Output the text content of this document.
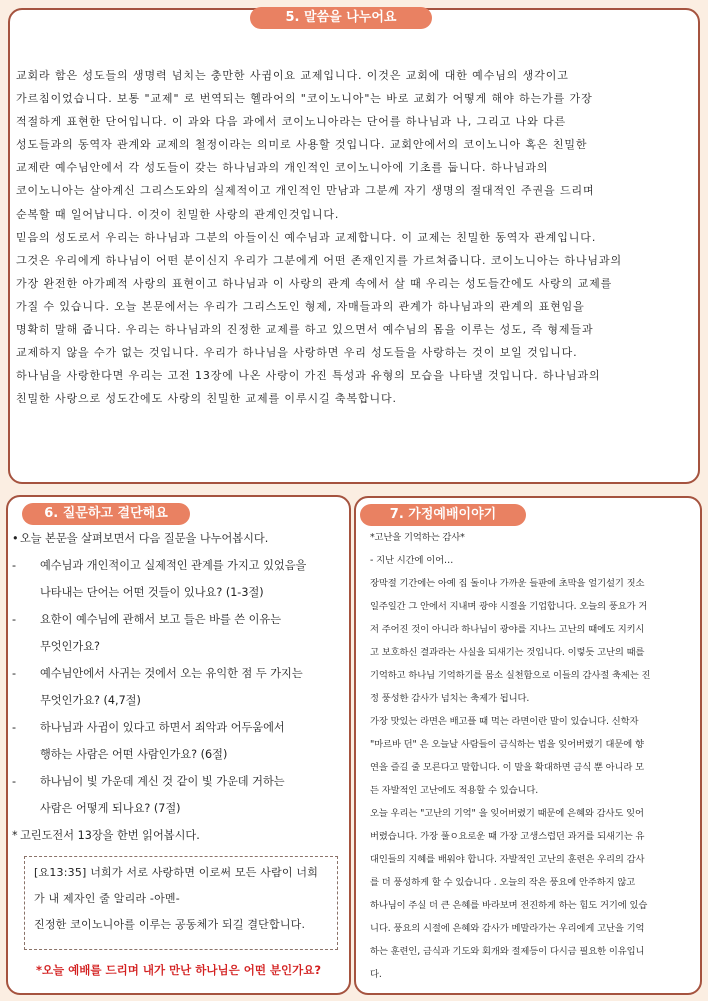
5. 말씀을 나누어요
교회라 함은 성도들의 생명력 넘치는 충만한 사귐이요 교제입니다. 이것은 교회에 대한 예수님의 생각이고
가르침이었습니다. 보통 "교제" 로 번역되는 헬라어의 "코이노니아"는 바로 교회가 어떻게 해야 하는가를 가장
적절하게 표현한 단어입니다. 이 과와 다음 과에서 코이노니아라는 단어를 하나님과 나, 그리고 나와 다른
성도들과의 동역자 관계와 교제의 철정이라는 의미로 사용할 것입니다. 교회안에서의 코이노니아 혹은 친밀한
교제란 예수님안에서 각 성도들이 갖는 하나님과의 개인적인 코이노니아에 기초를 둡니다. 하나님과의
코이노니아는 살아계신 그리스도와의 실제적이고 개인적인 만남과 그분께 자기 생명의 절대적인 주권을 드리며
순복할 때 일어납니다. 이것이 친밀한 사랑의 관계인것입니다.
믿음의 성도로서 우리는 하나님과 그분의 아들이신 예수님과 교제합니다. 이 교제는 친밀한 동역자 관계입니다.
그것은 우리에게 하나님이 어떤 분이신지 우리가 그분에게 어떤 존재인지를 가르쳐줍니다. 코이노니아는 하나님과의
가장 완전한 아가페적 사랑의 표현이고 하나님과 이 사랑의 관계 속에서 살 때 우리는 성도들간에도 사랑의 교제를
가질 수 있습니다. 오늘 본문에서는 우리가 그리스도인 형제, 자매들과의 관계가 하나님과의 관계의 표현임을
명확히 말해 줍니다. 우리는 하나님과의 진정한 교제를 하고 있으면서 예수님의 몸을 이루는 성도, 즉 형제들과
교제하지 않을 수가 없는 것입니다. 우리가 하나님을 사랑하면 우리 성도들을 사랑하는 것이 보일 것입니다.
하나님을 사랑한다면 우리는 고전 13장에 나온 사랑이 가진 특성과 유형의 모습을 나타낼 것입니다. 하나님과의
친밀한 사랑으로 성도간에도 사랑의 친밀한 교제를 이루시길 축복합니다.
6. 질문하고 결단해요
• 오늘 본문을 살펴보면서 다음 질문을 나누어봅시다.
-	예수님과 개인적이고 실제적인 관계를 가지고 있었음을
나타내는 단어는 어떤 것들이 있나요? (1-3절)
-	요한이 예수님에 관해서 보고 들은 바를 쓴 이유는
무엇인가요?
-	예수님안에서 사귀는 것에서 오는 유익한 점 두 가지는
무엇인가요? (4,7절)
-	하나님과 사귐이 있다고 하면서 죄악과 어두움에서
행하는 사람은 어떤 사람인가요? (6절)
-	하나님이 빛 가운데 계신 것 같이 빛 가운데 거하는
사람은 어떻게 되나요? (7절)
* 고린도전서 13장을 한번 읽어봅시다.
[요13:35] 너희가 서로 사랑하면 이로써 모든 사람이 너희
가 내 제자인 줄 알리라 -아멘-
진정한 코이노니아를 이루는 공동체가 되길 결단합니다.
*오늘 예배를 드리며 내가 만난 하나님은 어떤 분인가요?
7. 가정예배이야기
*고난을 기억하는 감사*
- 지난 시간에 이어…
장막절 기간에는 아예 집 돌이나 가까운 들판에 초막을 얼기설기 짓소
일주일간 그 안에서 지내며 광야 시절을 기업합니다. 오늘의 풍요가 거
저 주어진 것이 아니라 하나님이 광야를 지나느 고난의 때에도 지키시
고 보호하신 결과라는 사실을 되새기는 것입니다. 이렇듯 고난의 때를
기억하고 하나님 기억하기를 몸소 실천함으로 이들의 감사절 축제는 진
정 풍성한 감사가 넘치는 축제가 됩니다.
가장 맛있는 라면은 배고플 때 먹는 라면이란 말이 있습니다. 신학자
"마르바 던" 은 오늘날 사람들이 금식하는 법을 잊어버렸기 대문에 향
연을 즐길 줄 모른다고 말합니다. 이 말을 확대하면 금식 뿐 아니라 모
든 자발적인 고난에도 적용할 수 있습니다.
오늘 우리는 "고난의 기억" 을 잊어버렸기 때문에 은혜와 감사도 잊어
버렸습니다. 가장 풀ㅇ요로운 때 가장 고생스럽던 과거를 되새기는 유
대인들의 지혜를 배워야 합니다. 자발적인 고난의 훈련은 우리의 감사
를 더 풍성하게 할 수 있습니다 . 오늘의 작은 풍요에 안주하지 않고
하나님이 주실 더 큰 은혜를 바라보며 전진하게 하는 힘도 거기에 있습
니다. 풍요의 시절에 은혜와 감사가 메말라가는 우리에게 고난을 기억
하는 훈련인, 금식과 기도와 회개와 절제등이 다시금 필요한 이유입니
다.
